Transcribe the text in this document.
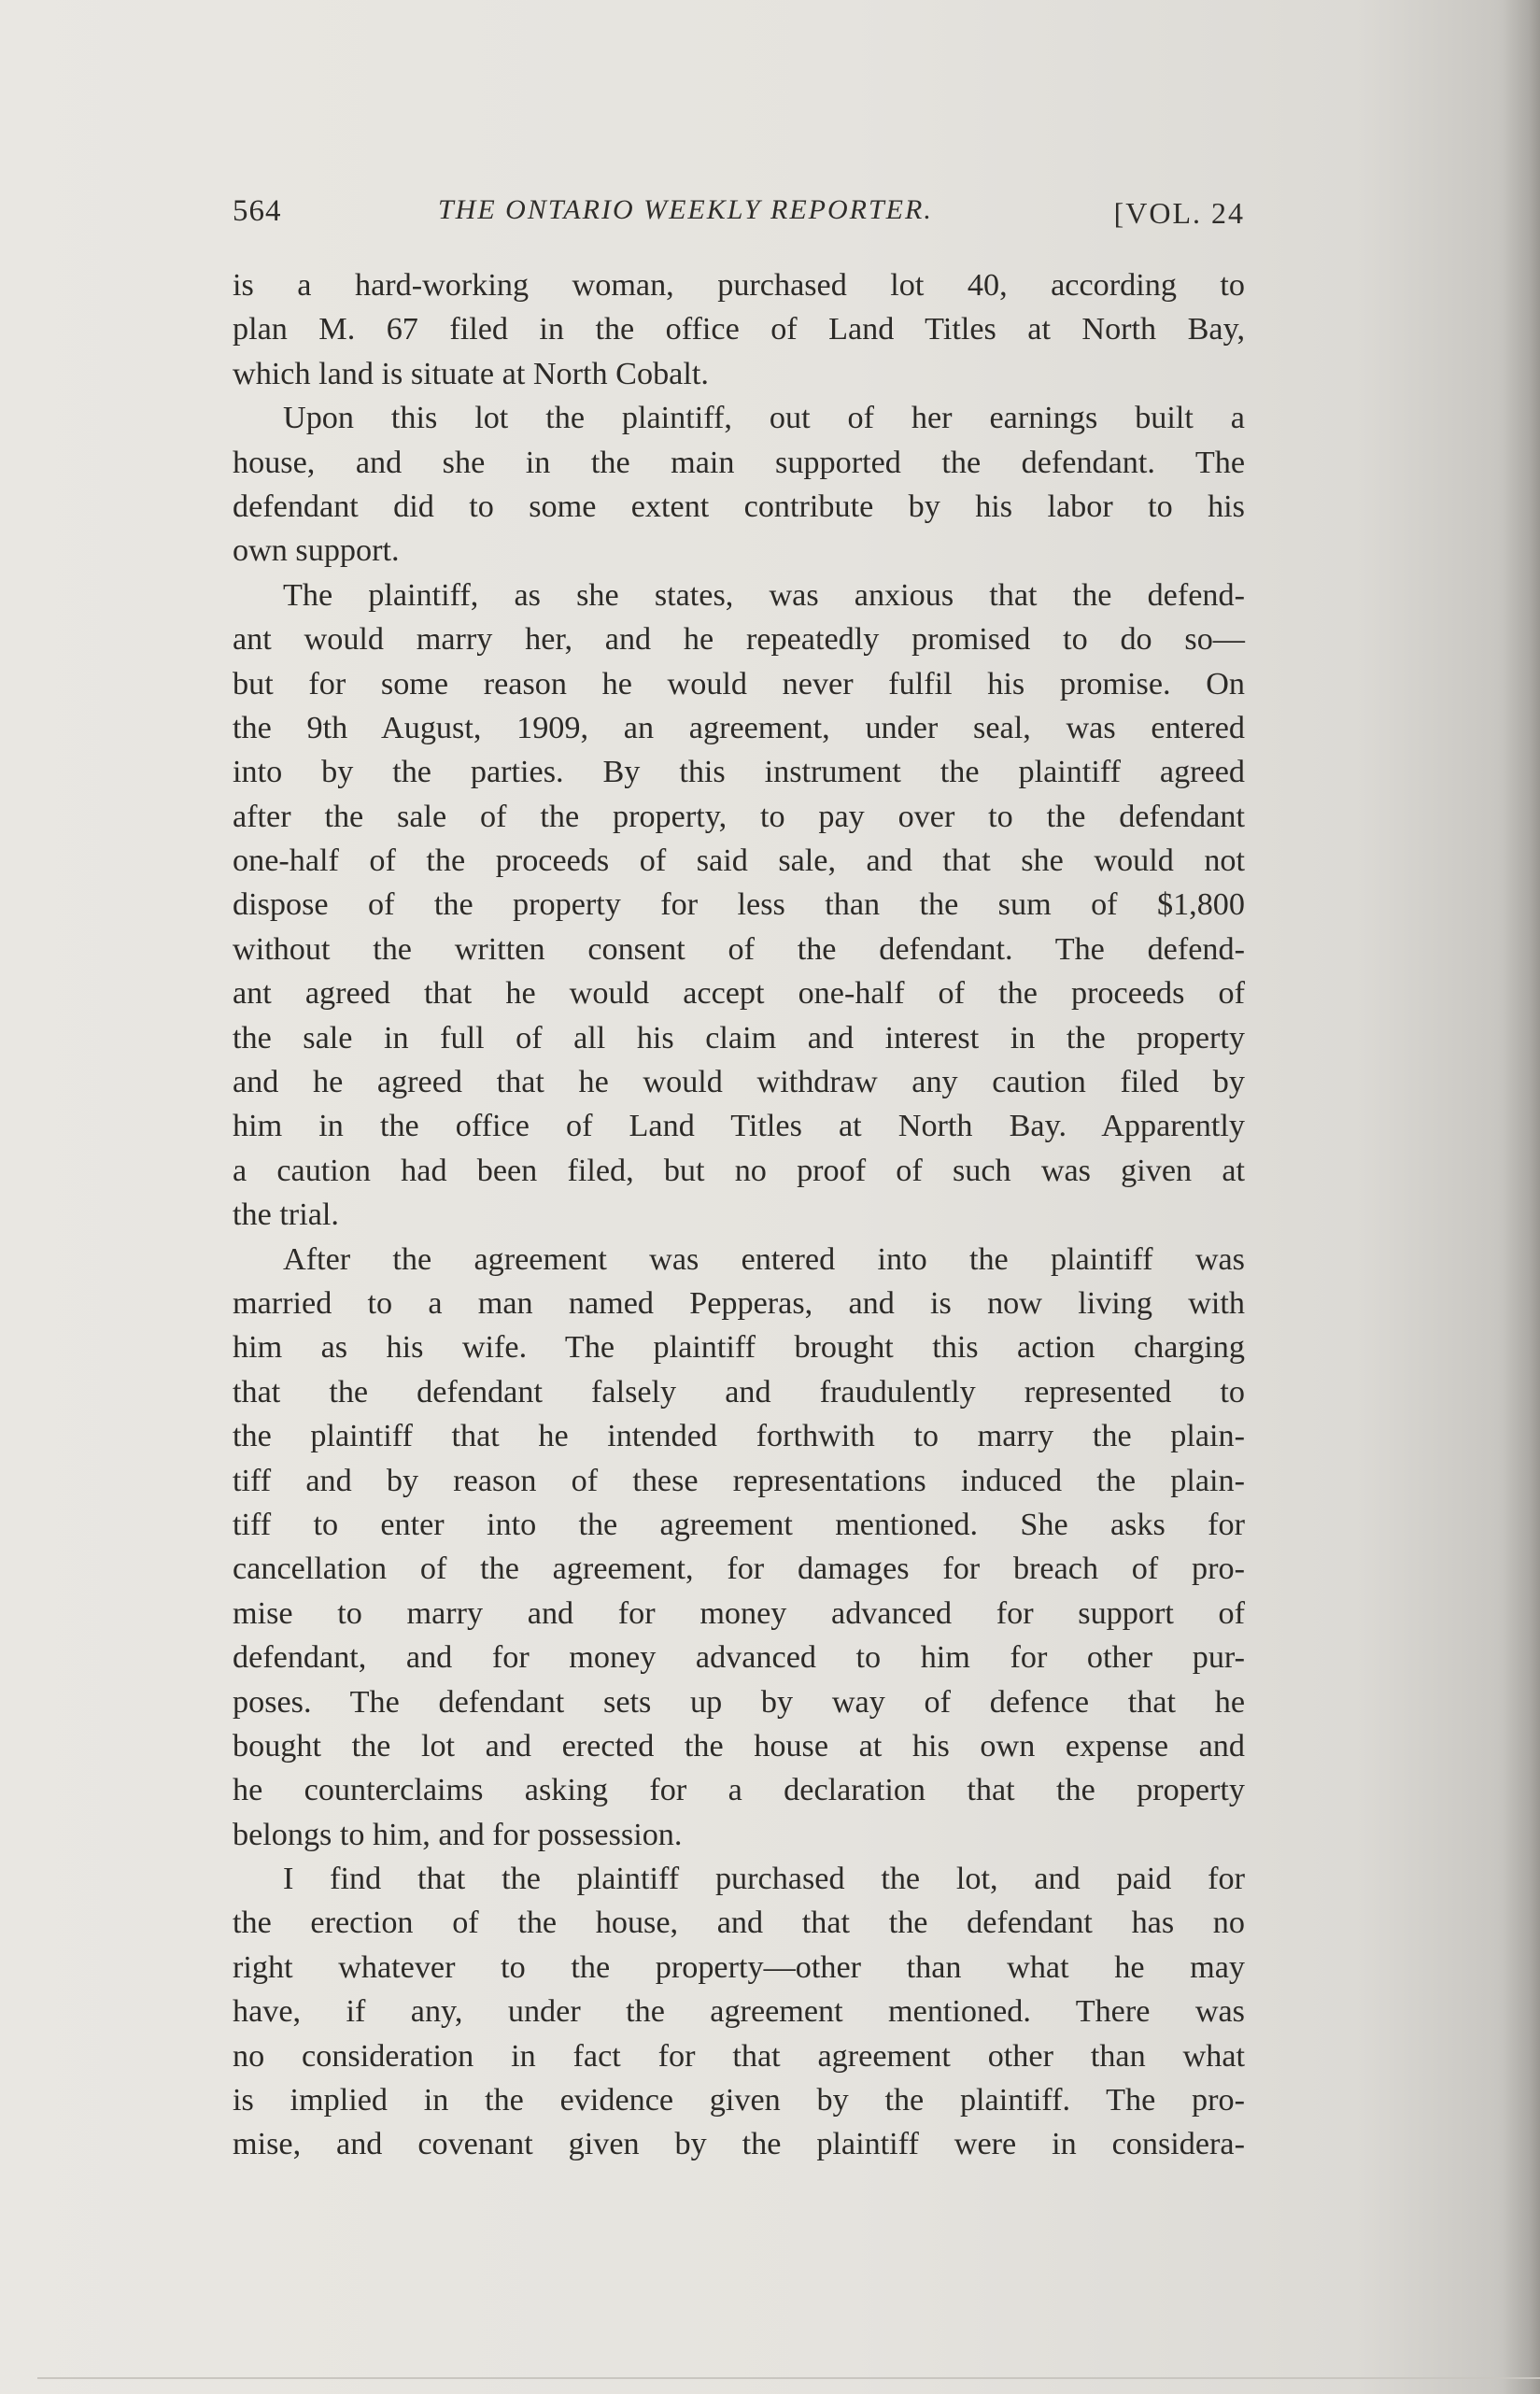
564	THE ONTARIO WEEKLY REPORTER.	[VOL. 24
is a hard-working woman, purchased lot 40, according to
plan M. 67 filed in the office of Land Titles at North Bay,
which land is situate at North Cobalt.
Upon this lot the plaintiff, out of her earnings built a
house, and she in the main supported the defendant. The
defendant did to some extent contribute by his labor to his
own support.
The plaintiff, as she states, was anxious that the defend-
ant would marry her, and he repeatedly promised to do so—
but for some reason he would never fulfil his promise. On
the 9th August, 1909, an agreement, under seal, was entered
into by the parties. By this instrument the plaintiff agreed
after the sale of the property, to pay over to the defendant
one-half of the proceeds of said sale, and that she would not
dispose of the property for less than the sum of $1,800
without the written consent of the defendant. The defend-
ant agreed that he would accept one-half of the proceeds of
the sale in full of all his claim and interest in the property
and he agreed that he would withdraw any caution filed by
him in the office of Land Titles at North Bay. Apparently
a caution had been filed, but no proof of such was given at
the trial.
After the agreement was entered into the plaintiff was
married to a man named Pepperas, and is now living with
him as his wife. The plaintiff brought this action charging
that the defendant falsely and fraudulently represented to
the plaintiff that he intended forthwith to marry the plain-
tiff and by reason of these representations induced the plain-
tiff to enter into the agreement mentioned. She asks for
cancellation of the agreement, for damages for breach of pro-
mise to marry and for money advanced for support of
defendant, and for money advanced to him for other pur-
poses. The defendant sets up by way of defence that he
bought the lot and erected the house at his own expense and
he counterclaims asking for a declaration that the property
belongs to him, and for possession.
I find that the plaintiff purchased the lot, and paid for
the erection of the house, and that the defendant has no
right whatever to the property—other than what he may
have, if any, under the agreement mentioned. There was
no consideration in fact for that agreement other than what
is implied in the evidence given by the plaintiff. The pro-
mise, and covenant given by the plaintiff were in considera-
